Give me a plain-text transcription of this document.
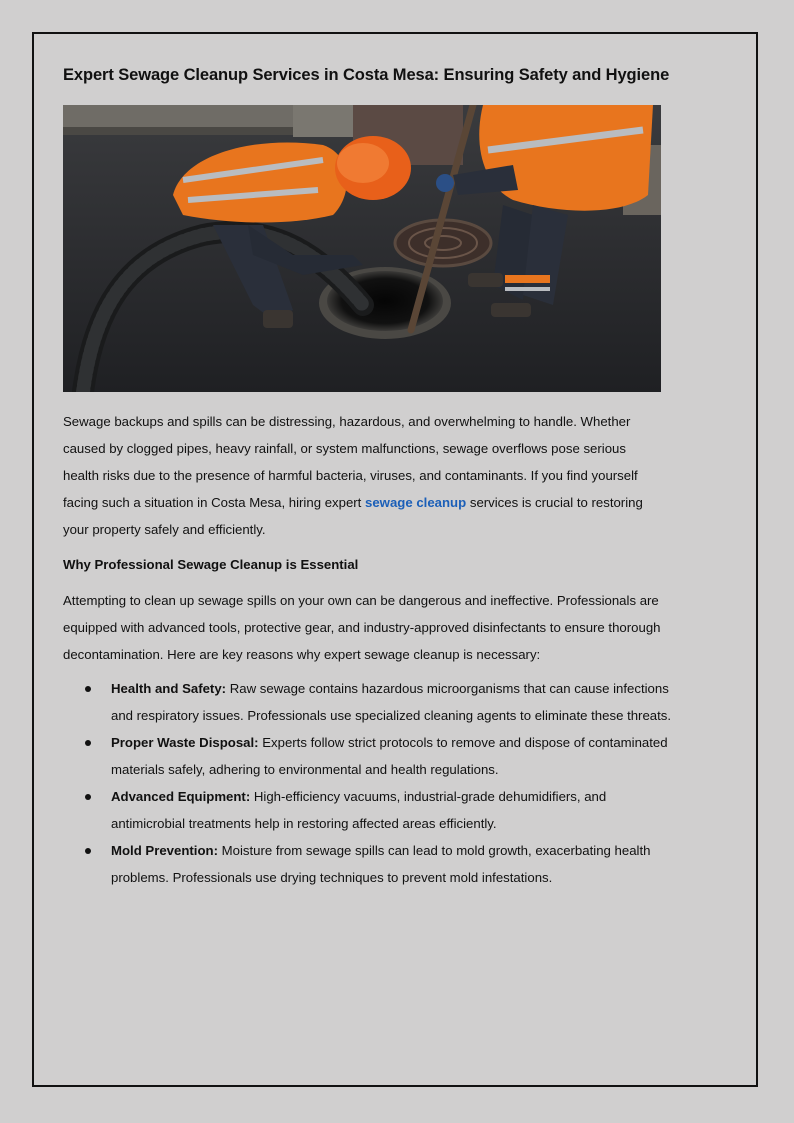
Expert Sewage Cleanup Services in Costa Mesa: Ensuring Safety and Hygiene

Sewage backups and spills can be distressing, hazardous, and overwhelming to handle. Whether caused by clogged pipes, heavy rainfall, or system malfunctions, sewage overflows pose serious health risks due to the presence of harmful bacteria, viruses, and contaminants. If you find yourself facing such a situation in Costa Mesa, hiring expert sewage cleanup services is crucial to restoring your property safely and efficiently.

Why Professional Sewage Cleanup is Essential

Attempting to clean up sewage spills on your own can be dangerous and ineffective. Professionals are equipped with advanced tools, protective gear, and industry-approved disinfectants to ensure thorough decontamination. Here are key reasons why expert sewage cleanup is necessary:

Health and Safety: Raw sewage contains hazardous microorganisms that can cause infections and respiratory issues. Professionals use specialized cleaning agents to eliminate these threats.
Proper Waste Disposal: Experts follow strict protocols to remove and dispose of contaminated materials safely, adhering to environmental and health regulations.
Advanced Equipment: High-efficiency vacuums, industrial-grade dehumidifiers, and antimicrobial treatments help in restoring affected areas efficiently.
Mold Prevention: Moisture from sewage spills can lead to mold growth, exacerbating health problems. Professionals use drying techniques to prevent mold infestations.
